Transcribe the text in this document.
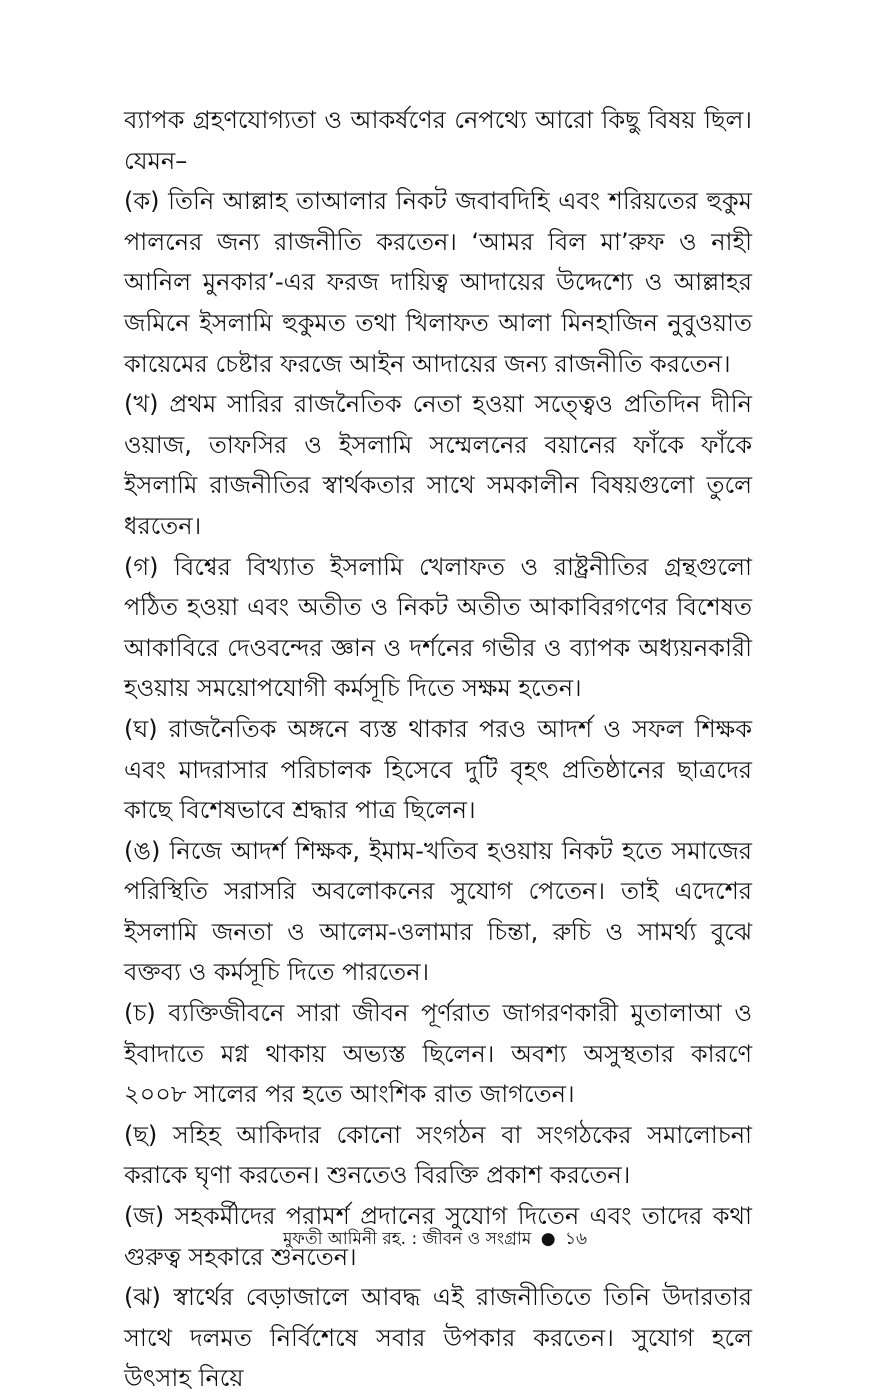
ব্যাপক গ্রহণযোগ্যতা ও আকর্ষণের নেপথ্যে আরো কিছু বিষয় ছিল। যেমন–

(ক) তিনি আল্লাহ তাআলার নিকট জবাবদিহি এবং শরিয়তের হুকুম পালনের জন্য রাজনীতি করতেন। ‘আমর বিল মা’রুফ ও নাহী আনিল মুনকার’-এর ফরজ দায়িত্ব আদায়ের উদ্দেশ্যে ও আল্লাহর জমিনে ইসলামি হুকুমত তথা খিলাফত আলা মিনহাজিন নুবুওয়াত কায়েমের চেষ্টার ফরজে আইন আদায়ের জন্য রাজনীতি করতেন।

(খ) প্রথম সারির রাজনৈতিক নেতা হওয়া সত্ত্বেও প্রতিদিন দীনি ওয়াজ, তাফসির ও ইসলামি সম্মেলনের বয়ানের ফাঁকে ফাঁকে ইসলামি রাজনীতির স্বার্থকতার সাথে সমকালীন বিষয়গুলো তুলে ধরতেন।

(গ) বিশ্বের বিখ্যাত ইসলামি খেলাফত ও রাষ্ট্রনীতির গ্রন্থগুলো পঠিত হওয়া এবং অতীত ও নিকট অতীত আকাবিরগণের বিশেষত আকাবিরে দেওবন্দের জ্ঞান ও দর্শনের গভীর ও ব্যাপক অধ্যয়নকারী হওয়ায় সময়োপযোগী কর্মসূচি দিতে সক্ষম হতেন।

(ঘ) রাজনৈতিক অঙ্গনে ব্যস্ত থাকার পরও আদর্শ ও সফল শিক্ষক এবং মাদরাসার পরিচালক হিসেবে দুটি বৃহৎ প্রতিষ্ঠানের ছাত্রদের কাছে বিশেষভাবে শ্রদ্ধার পাত্র ছিলেন।

(ঙ) নিজে আদর্শ শিক্ষক, ইমাম-খতিব হওয়ায় নিকট হতে সমাজের পরিস্থিতি সরাসরি অবলোকনের সুযোগ পেতেন। তাই এদেশের ইসলামি জনতা ও আলেম-ওলামার চিন্তা, রুচি ও সামর্থ্য বুঝে বক্তব্য ও কর্মসূচি দিতে পারতেন।

(চ) ব্যক্তিজীবনে সারা জীবন পূর্ণরাত জাগরণকারী মুতালাআ ও ইবাদাতে মগ্ন থাকায় অভ্যস্ত ছিলেন। অবশ্য অসুস্থতার কারণে ২০০৮ সালের পর হতে আংশিক রাত জাগতেন।

(ছ) সহিহ আকিদার কোনো সংগঠন বা সংগঠকের সমালোচনা করাকে ঘৃণা করতেন। শুনতেও বিরক্তি প্রকাশ করতেন।

(জ) সহকর্মীদের পরামর্শ প্রদানের সুযোগ দিতেন এবং তাদের কথা গুরুত্ব সহকারে শুনতেন।

(ঝ) স্বার্থের বেড়াজালে আবদ্ধ এই রাজনীতিতে তিনি উদারতার সাথে দলমত নির্বিশেষে সবার উপকার করতেন। সুযোগ হলে উৎসাহ নিয়ে

মুফতী আমিনী রহ. : জীবন ও সংগ্রাম ● ১৬
